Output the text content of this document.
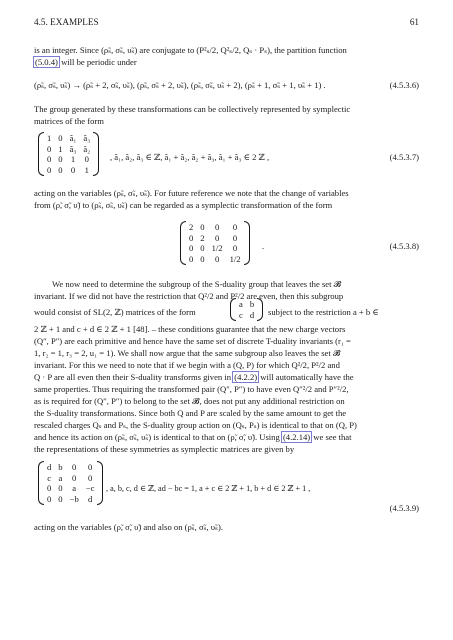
4.5. EXAMPLES	61
is an integer. Since (ρ̃ₛ, σ̃ₛ, υ̃ₛ) are conjugate to (P²ₛ/2, Q²ₛ/2, Qₛ · Pₛ), the partition function
(5.0.4) will be periodic under
(ρ̃ₛ, σ̃ₛ, υ̃ₛ) → (ρ̃ₛ + 2, σ̃ₛ, υ̃ₛ), (ρ̃ₛ, σ̃ₛ + 2, υ̃ₛ), (ρ̃ₛ, σ̃ₛ, υ̃ₛ + 2), (ρ̃ₛ + 1, σ̃ₛ + 1, υ̃ₛ + 1) .	(4.5.3.6)
The group generated by these transformations can be collectively represented by symplectic
matrices of the form
1 0 ã₁ ã₃
0 1 ã₃ ã₂
0 0 1 0
0 0 0 1
, ã₁, ã₂, ã₃ ∈ ℤ, ã₁ + ã₂, ã₂ + ã₃, ã₁ + ã₃ ∈ 2 ℤ ,	(4.5.3.7)
acting on the variables (ρ̃ₛ, σ̃ₛ, υ̃ₛ). For future reference we note that the change of variables
from (ρ̃, σ̃, υ̃) to (ρ̃ₛ, σ̃ₛ, υ̃ₛ) can be regarded as a symplectic transformation of the form
2 0	0	0
0 2	0	0
0 0 1/2	0
0 0	0	1/2
.	(4.5.3.8)
We now need to determine the subgroup of the S-duality group that leaves the set 𝓑
invariant. If we did not have the restriction that Q²/2 and P²/2 are even, then this subgroup
would consist of SL(2, ℤ) matrices of the form
a b
c d subject to the restriction a + b ∈
2 ℤ + 1 and c + d ∈ 2 ℤ + 1 [48]. – these conditions guarantee that the new charge vectors
(Q″, P″) are each primitive and hence have the same set of discrete T-duality invariants (r₁ =
1, r₂ = 1, r₃ = 2, u₁ = 1). We shall now argue that the same subgroup also leaves the set 𝓑
invariant. For this we need to note that if we begin with a (Q, P) for which Q²/2, P²/2 and
Q · P are all even then their S-duality transforms given in (4.2.2) will automatically have the
same properties. Thus requiring the transformed pair (Q″, P″) to have even Q″²/2 and P″²/2,
as is required for (Q″, P″) to belong to the set 𝓑, does not put any additional restriction on
the S-duality transformations. Since both Q and P are scaled by the same amount to get the
rescaled charges Qₛ and Pₛ, the S-duality group action on (Qₛ, Pₛ) is identical to that on (Q, P)
and hence its action on (ρ̃ₛ, σ̃ₛ, υ̃ₛ) is identical to that on (ρ̃, σ̃, υ̃). Using (4.2.14) we see that
the representations of these symmetries as symplectic matrices are given by
d b 0 0
c a 0 0
0 0	a	−c
0 0 −b d
, a, b, c, d ∈ ℤ, ad − bc = 1, a + c ∈ 2 ℤ + 1, b + d ∈ 2 ℤ + 1 ,
(4.5.3.9)
acting on the variables (ρ̃, σ̃, υ̃) and also on (ρ̃ₛ, σ̃ₛ, υ̃ₛ).
